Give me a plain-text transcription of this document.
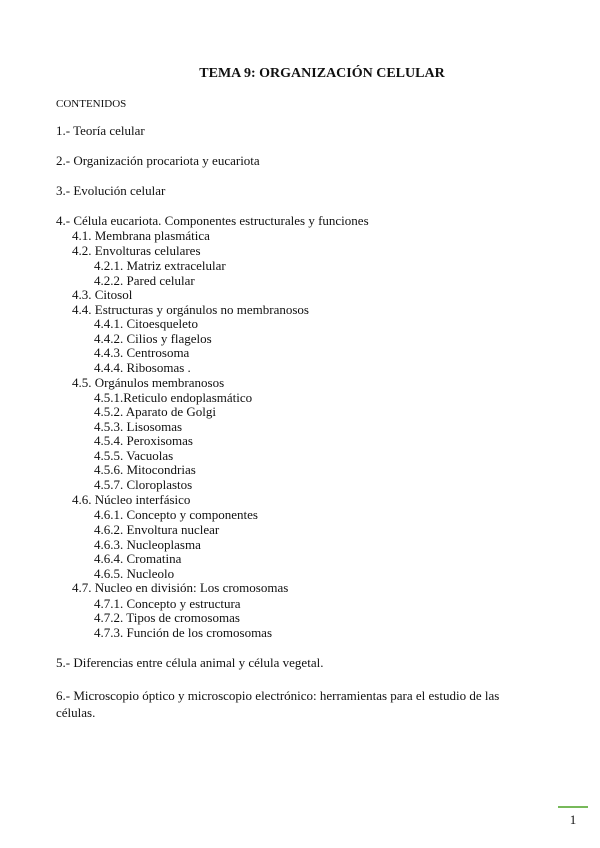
TEMA 9: ORGANIZACIÓN CELULAR
CONTENIDOS
1.- Teoría celular
2.- Organización procariota y eucariota
3.- Evolución celular
4.- Célula eucariota. Componentes estructurales y funciones
4.1. Membrana plasmática
4.2. Envolturas celulares
4.2.1. Matriz extracelular
4.2.2. Pared celular
4.3. Citosol
4.4. Estructuras y orgánulos no membranosos
4.4.1. Citoesqueleto
4.4.2. Cilios y flagelos
4.4.3. Centrosoma
4.4.4. Ribosomas .
4.5. Orgánulos membranosos
4.5.1.Reticulo endoplasmático
4.5.2. Aparato de Golgi
4.5.3. Lisosomas
4.5.4. Peroxisomas
4.5.5. Vacuolas
4.5.6. Mitocondrias
4.5.7. Cloroplastos
4.6. Núcleo interfásico
4.6.1. Concepto y componentes
4.6.2. Envoltura nuclear
4.6.3. Nucleoplasma
4.6.4. Cromatina
4.6.5. Nucleolo
4.7. Nucleo en división: Los cromosomas
4.7.1. Concepto y estructura
4.7.2. Tipos de cromosomas
4.7.3. Función de los cromosomas
5.- Diferencias entre célula animal y célula vegetal.
6.- Microscopio óptico y microscopio electrónico: herramientas para el estudio de las
células.
1
